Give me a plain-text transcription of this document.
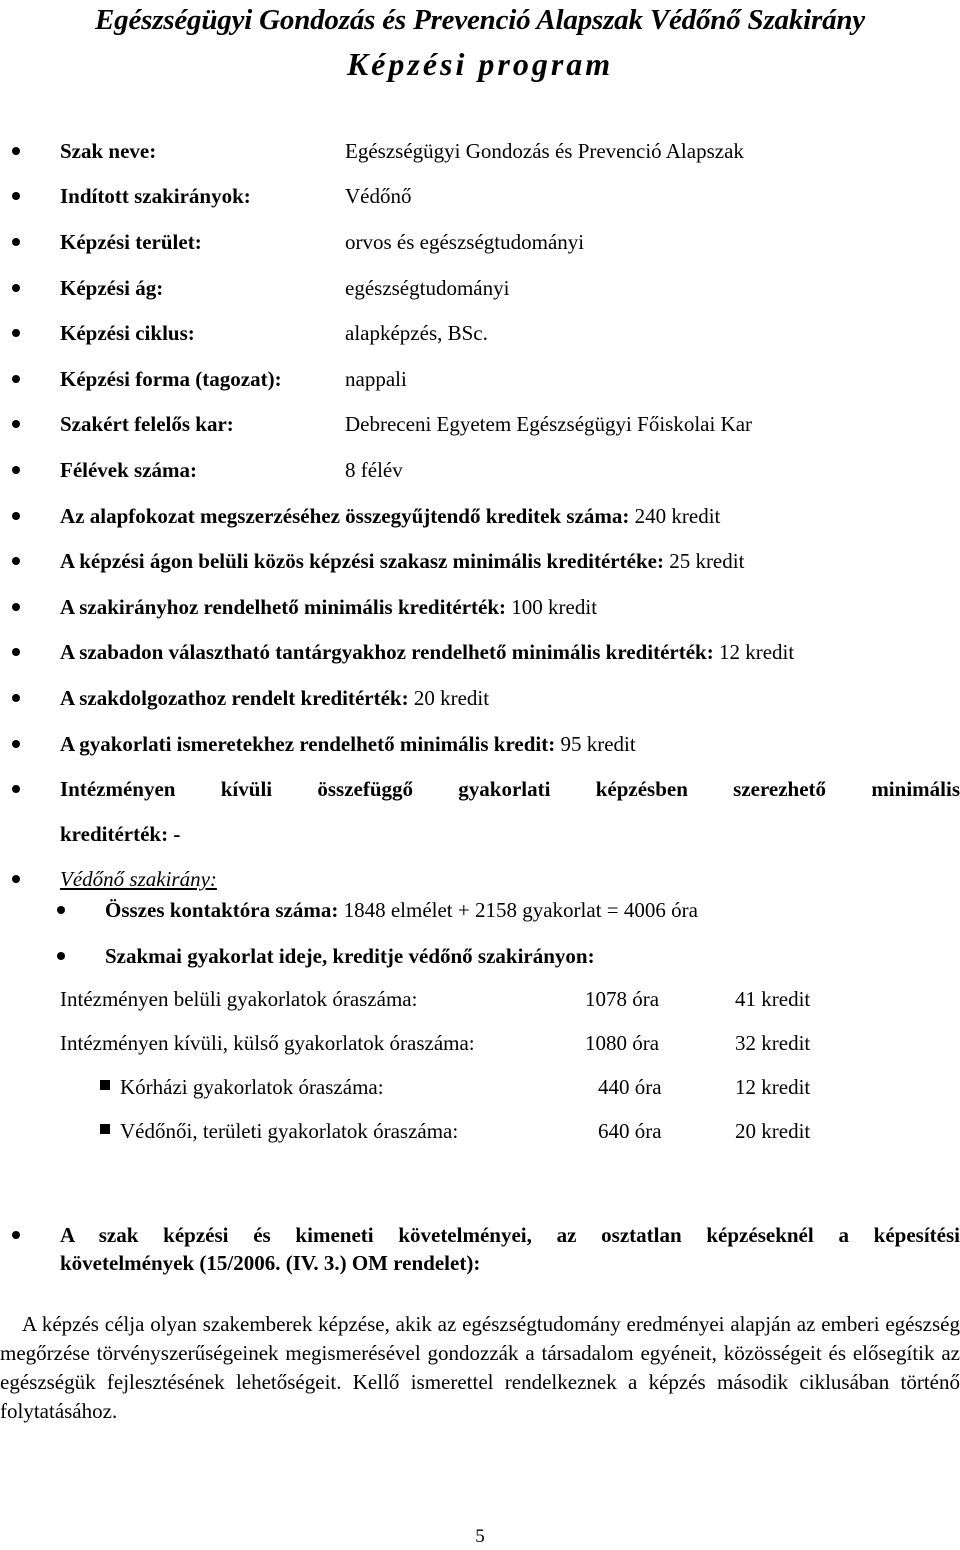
Egészségügyi Gondozás és Prevenció Alapszak Védőnő Szakirány
Képzési program
Szak neve:	Egészségügyi Gondozás és Prevenció Alapszak
Indított szakirányok:	Védőnő
Képzési terület:	orvos és egészségtudományi
Képzési ág:	egészségtudományi
Képzési ciklus:	alapképzés, BSc.
Képzési forma (tagozat):	nappali
Szakért felelős kar:	Debreceni Egyetem Egészségügyi Főiskolai Kar
Félévek száma:	8 félév
Az alapfokozat megszerzéséhez összegyűjtendő kreditek száma: 240 kredit
A képzési ágon belüli közös képzési szakasz minimális kreditértéke: 25 kredit
A szakirányhoz rendelhető minimális kreditérték: 100 kredit
A szabadon választható tantárgyakhoz rendelhető minimális kreditérték: 12 kredit
A szakdolgozathoz rendelt kreditérték: 20 kredit
A gyakorlati ismeretekhez rendelhető minimális kredit: 95 kredit
Intézményen kívüli összefüggő gyakorlati képzésben szerezhető minimális
kreditérték: -
Védőnő szakirány:
Összes kontaktóra száma: 1848 elmélet + 2158 gyakorlat = 4006 óra
Szakmai gyakorlat ideje, kreditje védőnő szakirányon:
Intézményen belüli gyakorlatok óraszáma:	1078 óra	41 kredit
Intézményen kívüli, külső gyakorlatok óraszáma:	1080 óra	32 kredit
Kórházi gyakorlatok óraszáma:	440 óra	12 kredit
Védőnői, területi gyakorlatok óraszáma:	640 óra	20 kredit
A szak képzési és kimeneti követelményei, az osztatlan képzéseknél a képesítési
követelmények (15/2006. (IV. 3.) OM rendelet):
A képzés célja olyan szakemberek képzése, akik az egészségtudomány eredményei alapján az emberi egészség megőrzése törvényszerűségeinek megismerésével gondozzák a társadalom egyéneit, közösségeit és elősegítik az egészségük fejlesztésének lehetőségeit. Kellő ismerettel rendelkeznek a képzés második ciklusában történő folytatásához.
5
